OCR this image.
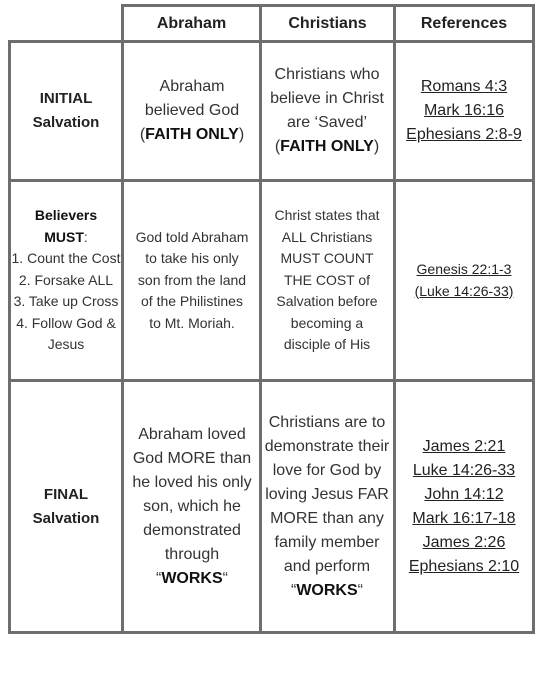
Abraham	Christians	References
INITIAL
Salvation
Abraham believed God (FAITH ONLY)
Christians who believe in Christ are ‘Saved’ (FAITH ONLY)
Romans 4:3
Mark 16:16
Ephesians 2:8-9
Believers
MUST:
1. Count the Cost
2. Forsake ALL
3. Take up Cross
4. Follow God & Jesus
God told Abraham to take his only son from the land of the Philistines to Mt. Moriah.
Christ states that ALL Christians MUST COUNT THE COST of Salvation before becoming a disciple of His
Genesis 22:1-3
(Luke 14:26-33)
FINAL
Salvation
Abraham loved God MORE than he loved his only son, which he demonstrated through “WORKS“
Christians are to demonstrate their love for God by loving Jesus FAR MORE than any family member and perform “WORKS“
James 2:21
Luke 14:26-33
John 14:12
Mark 16:17-18
James 2:26
Ephesians 2:10
